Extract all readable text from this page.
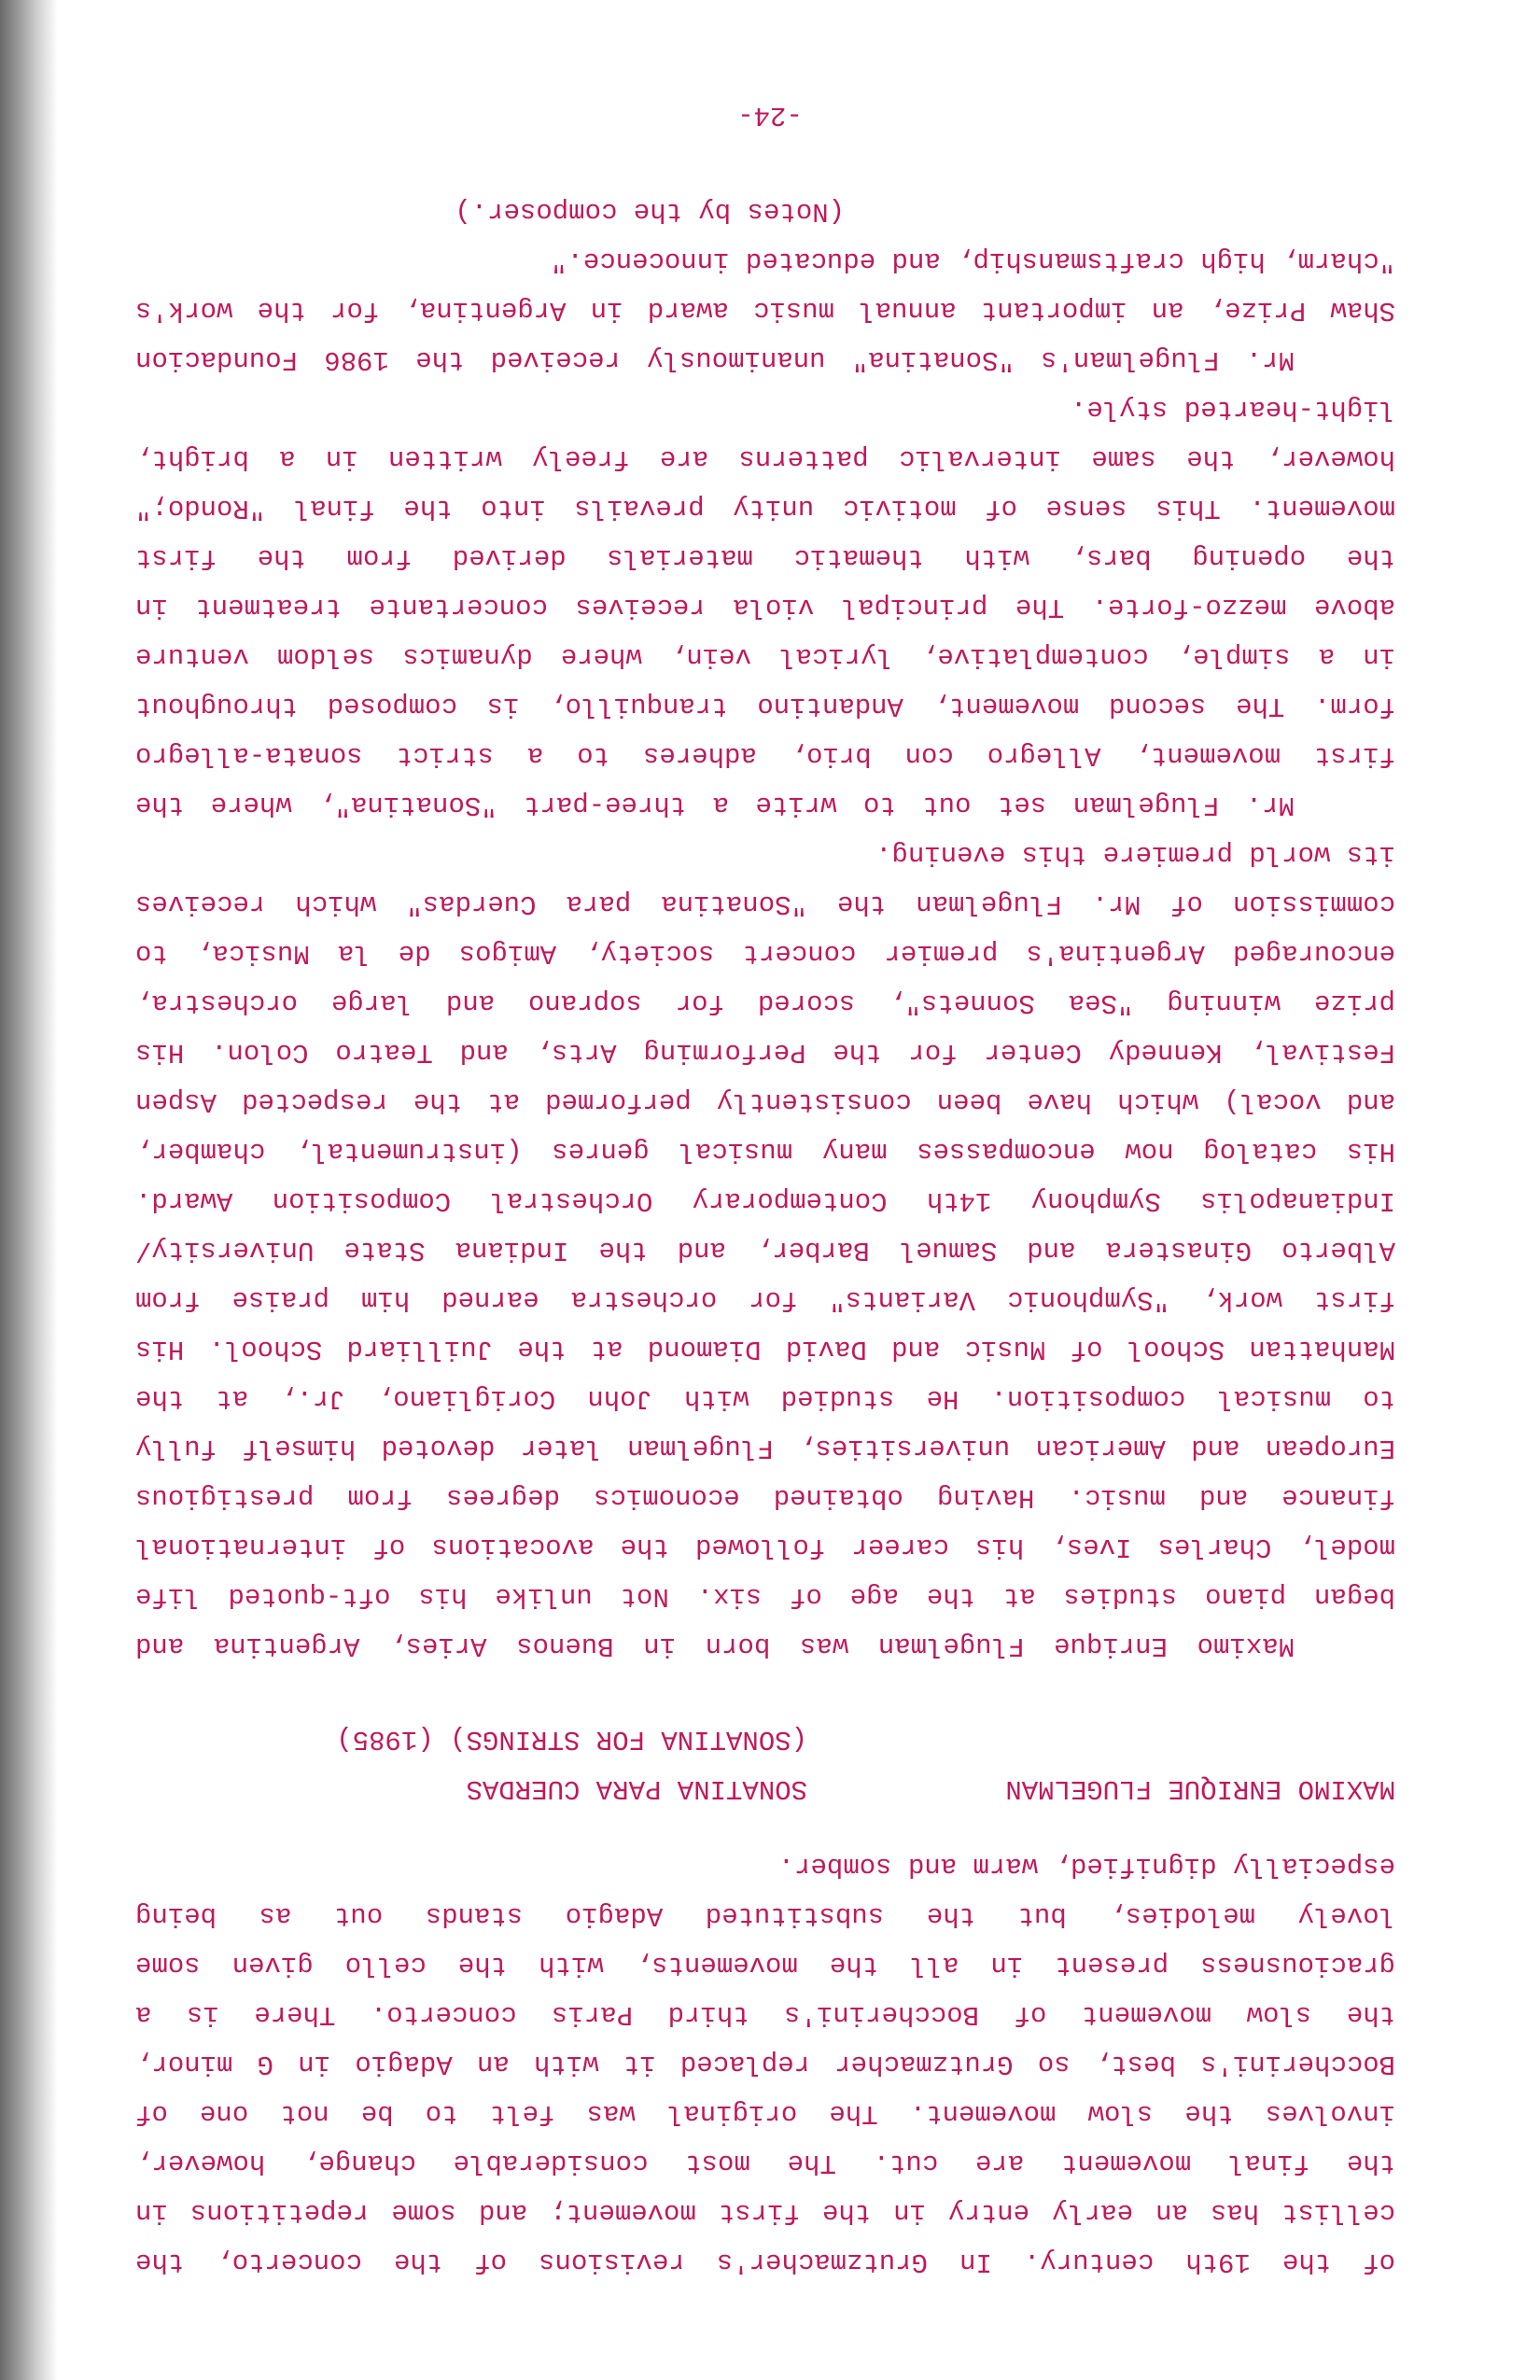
of the 19th century. In Grutzmacher's revisions of the concerto, the
cellist has an early entry in the first movement; and some repetitions in
the final movement are cut. The most considerable change, however,
involves the slow movement. The original was felt to be not one of
Boccherini's best, so Grutzmacher replaced it with an Adagio in G minor,
the slow movement of Boccherini's third Paris concerto. There is a
graciousness present in all the movements, with the cello given some
lovely melodies, but the substituted Adagio stands out as being
especially dignified, warm and somber.
MAXIMO ENRIQUE FLUGELMAN
SONATINA PARA CUERDAS
(SONATINA FOR STRINGS) (1985)
Maximo Enrique Flugelman was born in Buenos Aries, Argentina and
began piano studies at the age of six. Not unlike his oft-quoted life
model, Charles Ives, his career followed the avocations of international
finance and music. Having obtained economics degrees from prestigious
European and American universities, Flugelman later devoted himself fully
to musical composition. He studied with John Corigliano, Jr., at the
Manhattan School of Music and David Diamond at the Juilliard School. His
first work, "Symphonic Variants" for orchestra earned him praise from
Alberto Ginastera and Samuel Barber, and the Indiana State University/
Indianapolis Symphony 14th Contemporary Orchestral Composition Award.
His catalog now encompasses many musical genres (instrumental, chamber,
and vocal) which have been consistently performed at the respected Aspen
Festival, Kennedy Center for the Performing Arts, and Teatro Colon. His
prize winning "Sea Sonnets", scored for soprano and large orchestra,
encouraged Argentina's premier concert society, Amigos de la Musica, to
commission of Mr. Flugelman the "Sonatina para Cuerdas" which receives
its world premiere this evening.
Mr. Flugelman set out to write a three-part "Sonatina", where the
first movement, Allegro con brio, adheres to a strict sonata-allegro
form. The second movement, Andantino tranquillo, is composed throughout
in a simple, contemplative, lyrical vein, where dynamics seldom venture
above mezzo-forte. The principal viola receives concertante treatment in
the opening bars, with thematic materials derived from the first
movement. This sense of motivic unity prevails into the final "Rondo;"
however, the same intervalic patterns are freely written in a bright,
light-hearted style.
Mr. Flugelman's "Sonatina" unanimously received the 1986 Foundacion
Shaw Prize, an important annual music award in Argentina, for the work's
"charm, high craftsmanship, and educated innocence."
(Notes by the composer.)
-24-
